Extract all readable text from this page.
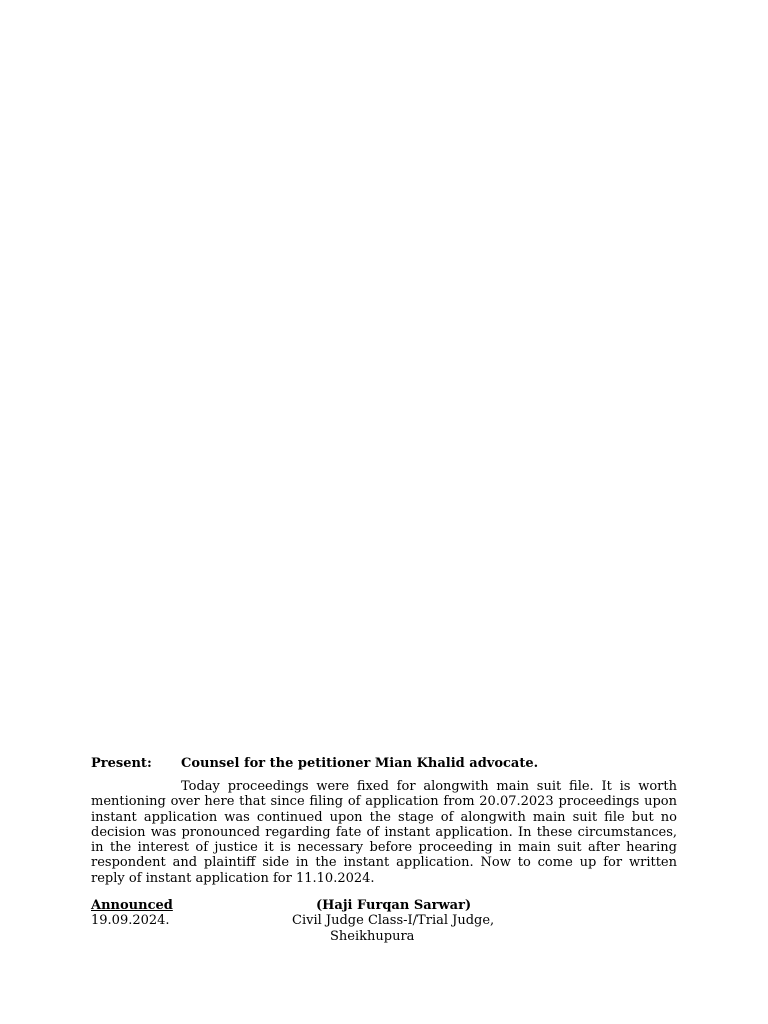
Present: Counsel for the petitioner Mian Khalid advocate.

Today proceedings were fixed for alongwith main suit file. It is worth mentioning over here that since filing of application from 20.07.2023 proceedings upon instant application was continued upon the stage of alongwith main suit file but no decision was pronounced regarding fate of instant application. In these circumstances, in the interest of justice it is necessary before proceeding in main suit after hearing respondent and plaintiff side in the instant application. Now to come up for written reply of instant application for 11.10.2024.

Announced
19.09.2024.
(Haji Furqan Sarwar)
Civil Judge Class-I/Trial Judge,
Sheikhupura
